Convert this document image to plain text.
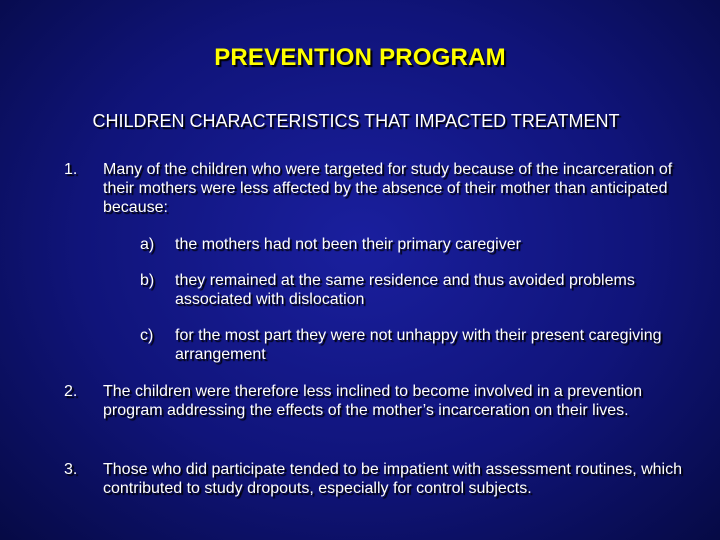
PREVENTION PROGRAM
CHILDREN CHARACTERISTICS THAT IMPACTED TREATMENT
1. Many of the children who were targeted for study because of the incarceration of their mothers were less affected by the absence of their mother than anticipated because:
a) the mothers had not been their primary caregiver
b) they remained at the same residence and thus avoided problems associated with dislocation
c) for the most part they were not unhappy with their present caregiving arrangement
2. The children were therefore less inclined to become involved in a prevention program addressing the effects of the mother’s incarceration on their lives.
3. Those who did participate tended to be impatient with assessment routines, which contributed to study dropouts, especially for control subjects.
